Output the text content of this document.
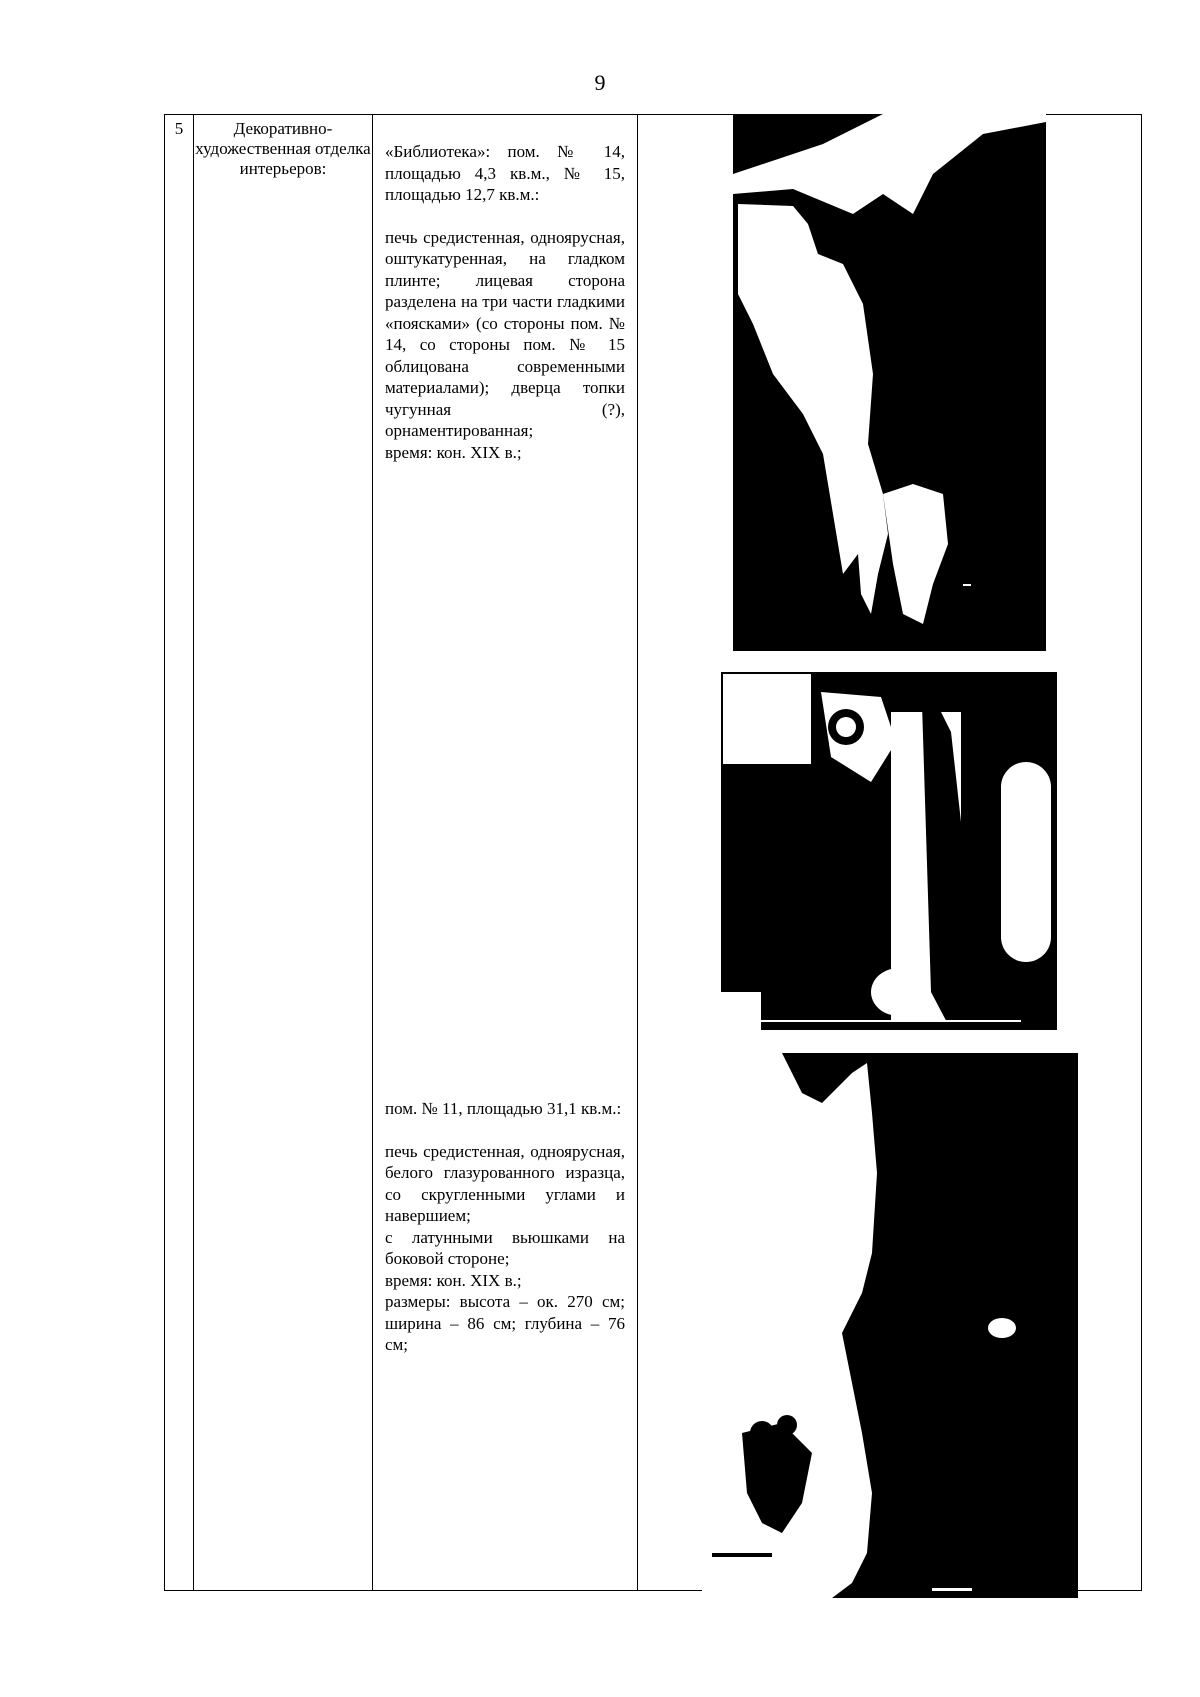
9
5	Декоративно-художественная отделка интерьеров:	

«Библиотека»: пом. № 14, площадью 4,3 кв.м., № 15, площадью 12,7 кв.м.:

печь средистенная, одноярусная, оштукатуренная, на гладком плинте; лицевая сторона разделена на три части гладкими «поясками» (со стороны пом. № 14, со стороны пом. № 15 облицована современными материалами); дверца топки чугунная (?), орнаментированная;

время: кон. XIX в.;

пом. № 11, площадью 31,1 кв.м.:

печь средистенная, одноярусная, белого глазурованного изразца, со скругленными углами и навершием;

с латунными вьюшками на боковой стороне;

время: кон. XIX в.;

размеры: высота – ок. 270 см; ширина – 86 см; глубина – 76 см;
